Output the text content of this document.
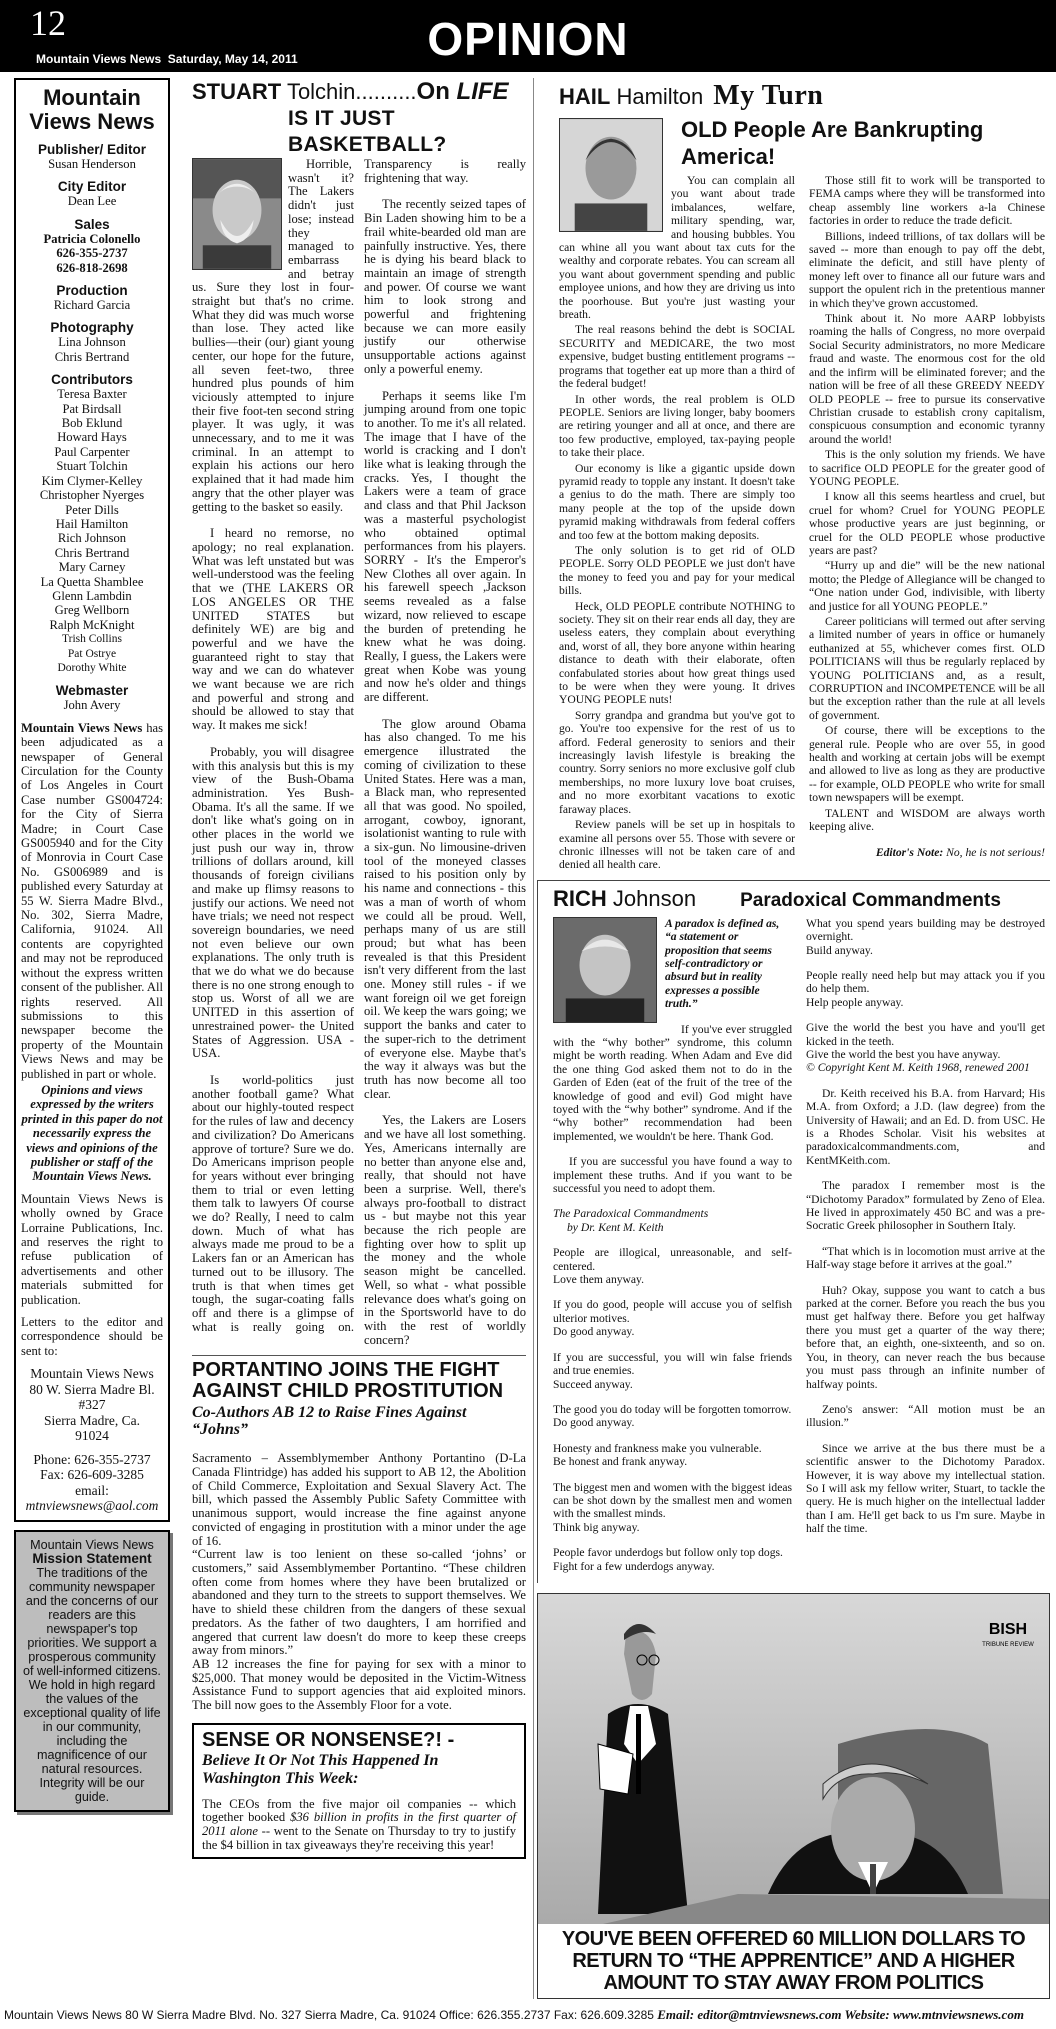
12	OPINION
Mountain Views News  Saturday, May 14, 2011
Mountain Views News
Publisher/ Editor
Susan Henderson
City Editor
Dean Lee
Sales
Patricia Colonello
626-355-2737
626-818-2698
Production
Richard Garcia
Photography
Lina Johnson
Chris Bertrand
Contributors
Teresa Baxter
Pat Birdsall
Bob Eklund
Howard Hays
Paul Carpenter
Stuart Tolchin
Kim Clymer-Kelley
Christopher Nyerges
Peter Dills
Hail Hamilton
Rich Johnson
Chris Bertrand
Mary Carney
La Quetta Shamblee
Glenn Lambdin
Greg Wellborn
Ralph McKnight
Trish Collins
Pat Ostrye
Dorothy White
Webmaster
John Avery
Mountain Views News has been adjudicated as a newspaper of General Circulation for the County of Los Angeles in Court Case number GS004724: for the City of Sierra Madre; in Court Case GS005940 and for the City of Monrovia in Court Case No. GS006989 and is published every Saturday at 55 W. Sierra Madre Blvd., No. 302, Sierra Madre, California, 91024. All contents are copyrighted and may not be reproduced without the express written consent of the publisher. All rights reserved. All submissions to this newspaper become the property of the Mountain Views News and may be published in part or whole.
Opinions and views expressed by the writers printed in this paper do not necessarily express the views and opinions of the publisher or staff of the Mountain Views News.
Mountain Views News is wholly owned by Grace Lorraine Publications, Inc. and reserves the right to refuse publication of advertisements and other materials submitted for publication.
Letters to the editor and correspondence should be sent to:
Mountain Views News
80 W. Sierra Madre Bl.
#327
Sierra Madre, Ca.
91024
Phone: 626-355-2737
Fax: 626-609-3285
email:
mtnviewsnews@aol.com
Mountain Views News
Mission Statement
The traditions of the community newspaper and the concerns of our readers are this newspaper's top priorities. We support a prosperous community of well-informed citizens. We hold in high regard the values of the exceptional quality of life in our community, including the magnificence of our natural resources. Integrity will be our guide.
STUART Tolchin..........On LIFE
IS IT JUST BASKETBALL?

Horrible, wasn't it? The Lakers didn't just lose; instead they managed to embarrass and betray us. Sure they lost in four-straight but that's no crime. What they did was much worse than lose. They acted like bullies—their (our) giant young center, our hope for the future, all seven feet-two, three hundred plus pounds of him viciously attempted to injure their five foot-ten second string player. It was ugly, it was unnecessary, and to me it was criminal. In an attempt to explain his actions our hero explained that it had made him angry that the other player was getting to the basket so easily.

I heard no remorse, no apology; no real explanation. What was left unstated but was well-understood was the feeling that we (THE LAKERS OR LOS ANGELES OR THE UNITED STATES but definitely WE) are big and powerful and we have the guaranteed right to stay that way and we can do whatever we want because we are rich and powerful and strong and should be allowed to stay that way. It makes me sick!

Probably, you will disagree with this analysis but this is my view of the Bush-Obama administration. Yes Bush-Obama. It's all the same. If we don't like what's going on in other places in the world we just push our way in, throw trillions of dollars around, kill thousands of foreign civilians and make up flimsy reasons to justify our actions. We need not have trials; we need not respect sovereign boundaries, we need not even believe our own explanations. The only truth is that we do what we do because there is no one strong enough to stop us. Worst of all we are UNITED in this assertion of unrestrained power- the United States of Aggression. USA - USA.

Is world-politics just another football game? What about our highly-touted respect for the rules of law and decency and civilization? Do Americans approve of torture? Sure we do. Do Americans imprison people for years without ever bringing them to trial or even letting them talk to lawyers Of course we do? Really, I need to calm down. Much of what has always made me proud to be a Lakers fan or an American has turned out to be illusory. The truth is that when times get tough, the sugar-coating falls off and there is a glimpse of what is really going on. Transparency is really frightening that way.

The recently seized tapes of Bin Laden showing him to be a frail white-bearded old man are painfully instructive. Yes, there he is dying his beard black to maintain an image of strength and power. Of course we want him to look strong and powerful and frightening because we can more easily justify our otherwise unsupportable actions against only a powerful enemy.

Perhaps it seems like I'm jumping around from one topic to another. To me it's all related. The image that I have of the world is cracking and I don't like what is leaking through the cracks. Yes, I thought the Lakers were a team of grace and class and that Phil Jackson was a masterful psychologist who obtained optimal performances from his players. SORRY - It's the Emperor's New Clothes all over again. In his farewell speech ,Jackson seems revealed as a false wizard, now relieved to escape the burden of pretending he knew what he was doing. Really, I guess, the Lakers were great when Kobe was young and now he's older and things are different.

The glow around Obama has also changed. To me his emergence illustrated the coming of civilization to these United States. Here was a man, a Black man, who represented all that was good. No spoiled, arrogant, cowboy, ignorant, isolationist wanting to rule with a six-gun. No limousine-driven tool of the moneyed classes raised to his position only by his name and connections - this was a man of worth of whom we could all be proud. Well, perhaps many of us are still proud; but what has been revealed is that this President isn't very different from the last one. Money still rules - if we want foreign oil we get foreign oil. We keep the wars going; we support the banks and cater to the super-rich to the detriment of everyone else. Maybe that's the way it always was but the truth has now become all too clear.

Yes, the Lakers are Losers and we have all lost something. Yes, Americans internally are no better than anyone else and, really, that should not have been a surprise. Well, there's always pro-football to distract us - but maybe not this year because the rich people are fighting over how to split up the money and the whole season might be cancelled. Well, so what - what possible relevance does what's going on in the Sportsworld have to do with the rest of worldly concern?

PORTANTINO JOINS THE FIGHT AGAINST CHILD PROSTITUTION
Co-Authors AB 12 to Raise Fines Against “Johns”

Sacramento – Assemblymember Anthony Portantino (D-La Canada Flintridge) has added his support to AB 12, the Abolition of Child Commerce, Exploitation and Sexual Slavery Act. The bill, which passed the Assembly Public Safety Committee with unanimous support, would increase the fine against anyone convicted of engaging in prostitution with a minor under the age of 16.

“Current law is too lenient on these so-called ‘johns’ or customers,” said Assemblymember Portantino. “These children often come from homes where they have been brutalized or abandoned and they turn to the streets to support themselves. We have to shield these children from the dangers of these sexual predators. As the father of two daughters, I am horrified and angered that current law doesn't do more to keep these creeps away from minors.”

AB 12 increases the fine for paying for sex with a minor to $25,000. That money would be deposited in the Victim-Witness Assistance Fund to support agencies that aid exploited minors. The bill now goes to the Assembly Floor for a vote.

SENSE OR NONSENSE?! -
Believe It Or Not This Happened In Washington This Week:
The CEOs from the five major oil companies -- which together booked $36 billion in profits in the first quarter of 2011 alone -- went to the Senate on Thursday to try to justify the $4 billion in tax giveaways they're receiving this year!
HAIL Hamilton My Turn
OLD People Are Bankrupting America!

You can complain all you want about trade imbalances, welfare, military spending, war, and housing bubbles. You can whine all you want about tax cuts for the wealthy and corporate rebates. You can scream all you want about government spending and public employee unions, and how they are driving us into the poorhouse. But you're just wasting your breath.

The real reasons behind the debt is SOCIAL SECURITY and MEDICARE, the two most expensive, budget busting entitlement programs -- programs that together eat up more than a third of the federal budget!

In other words, the real problem is OLD PEOPLE. Seniors are living longer, baby boomers are retiring younger and all at once, and there are too few productive, employed, tax-paying people to take their place.

Our economy is like a gigantic upside down pyramid ready to topple any instant. It doesn't take a genius to do the math. There are simply too many people at the top of the upside down pyramid making withdrawals from federal coffers and too few at the bottom making deposits.

The only solution is to get rid of OLD PEOPLE. Sorry OLD PEOPLE we just don't have the money to feed you and pay for your medical bills.

Heck, OLD PEOPLE contribute NOTHING to society. They sit on their rear ends all day, they are useless eaters, they complain about everything and, worst of all, they bore anyone within hearing distance to death with their elaborate, often confabulated stories about how great things used to be were when they were young. It drives YOUNG PEOPLE nuts!

Sorry grandpa and grandma but you've got to go. You're too expensive for the rest of us to afford. Federal generosity to seniors and their increasingly lavish lifestyle is breaking the country. Sorry seniors no more exclusive golf club memberships, no more luxury love boat cruises, and no more exorbitant vacations to exotic faraway places.

Review panels will be set up in hospitals to examine all persons over 55. Those with severe or chronic illnesses will not be taken care of and denied all health care.

Those still fit to work will be transported to FEMA camps where they will be transformed into cheap assembly line workers a-la Chinese factories in order to reduce the trade deficit.

Billions, indeed trillions, of tax dollars will be saved -- more than enough to pay off the debt, eliminate the deficit, and still have plenty of money left over to finance all our future wars and support the opulent rich in the pretentious manner in which they've grown accustomed.

Think about it. No more AARP lobbyists roaming the halls of Congress, no more overpaid Social Security administrators, no more Medicare fraud and waste. The enormous cost for the old and the infirm will be eliminated forever; and the nation will be free of all these GREEDY NEEDY OLD PEOPLE -- free to pursue its conservative Christian crusade to establish crony capitalism, conspicuous consumption and economic tyranny around the world!

This is the only solution my friends. We have to sacrifice OLD PEOPLE for the greater good of YOUNG PEOPLE.

I know all this seems heartless and cruel, but cruel for whom? Cruel for YOUNG PEOPLE whose productive years are just beginning, or cruel for the OLD PEOPLE whose productive years are past?

“Hurry up and die” will be the new national motto; the Pledge of Allegiance will be changed to “One nation under God, indivisible, with liberty and justice for all YOUNG PEOPLE.”

Career politicians will termed out after serving a limited number of years in office or humanely euthanized at 55, whichever comes first. OLD POLITICIANS will thus be regularly replaced by YOUNG POLITICIANS and, as a result, CORRUPTION and INCOMPETENCE will be all but the exception rather than the rule at all levels of government.

Of course, there will be exceptions to the general rule. People who are over 55, in good health and working at certain jobs will be exempt and allowed to live as long as they are productive -- for example, OLD PEOPLE who write for small town newspapers will be exempt.

TALENT and WISDOM are always worth keeping alive.

Editor's Note: No, he is not serious!

RICH Johnson Paradoxical Commandments

A paradox is defined as, “a statement or proposition that seems self-contradictory or absurd but in reality expresses a possible truth.”

If you've ever struggled with the “why bother” syndrome, this column might be worth reading. When Adam and Eve did the one thing God asked them not to do in the Garden of Eden (eat of the fruit of the tree of the knowledge of good and evil) God might have toyed with the “why bother” syndrome. And if the “why bother” recommendation had been implemented, we wouldn't be here. Thank God.

If you are successful you have found a way to implement these truths. And if you want to be successful you need to adopt them.

The Paradoxical Commandments

by Dr. Kent M. Keith

People are illogical, unreasonable, and self-centered.
Love them anyway.

If you do good, people will accuse you of selfish ulterior motives.
Do good anyway.

If you are successful, you will win false friends and true enemies.
Succeed anyway.

The good you do today will be forgotten tomorrow.
Do good anyway.

Honesty and frankness make you vulnerable.
Be honest and frank anyway.

The biggest men and women with the biggest ideas can be shot down by the smallest men and women with the smallest minds.
Think big anyway.

People favor underdogs but follow only top dogs.
Fight for a few underdogs anyway.

What you spend years building may be destroyed overnight.
Build anyway.

People really need help but may attack you if you do help them.
Help people anyway.

Give the world the best you have and you'll get kicked in the teeth.
Give the world the best you have anyway.

© Copyright Kent M. Keith 1968, renewed 2001

Dr. Keith received his B.A. from Harvard; His M.A. from Oxford; a J.D. (law degree) from the University of Hawaii; and an Ed. D. from USC. He is a Rhodes Scholar. Visit his websites at paradoxicalcommandments.com, and KentMKeith.com.

The paradox I remember most is the “Dichotomy Paradox” formulated by Zeno of Elea. He lived in approximately 450 BC and was a pre-Socratic Greek philosopher in Southern Italy.

“That which is in locomotion must arrive at the Half-way stage before it arrives at the goal.”

Huh? Okay, suppose you want to catch a bus parked at the corner. Before you reach the bus you must get halfway there. Before you get halfway there you must get a quarter of the way there; before that, an eighth, one-sixteenth, and so on. You, in theory, can never reach the bus because you must pass through an infinite number of halfway points.

Zeno's answer: “All motion must be an illusion.”

Since we arrive at the bus there must be a scientific answer to the Dichotomy Paradox. However, it is way above my intellectual station. So I will ask my fellow writer, Stuart, to tackle the query. He is much higher on the intellectual ladder than I am. He'll get back to us I'm sure. Maybe in half the time.

BISH
TRIBUNE REVIEW
YOU'VE BEEN OFFERED 60 MILLION DOLLARS TO RETURN TO “THE APPRENTICE” AND A HIGHER AMOUNT TO STAY AWAY FROM POLITICS
Mountain Views News 80 W Sierra Madre Blvd. No. 327 Sierra Madre, Ca. 91024 Office: 626.355.2737 Fax: 626.609.3285 Email: editor@mtnviewsnews.com Website: www.mtnviewsnews.com
